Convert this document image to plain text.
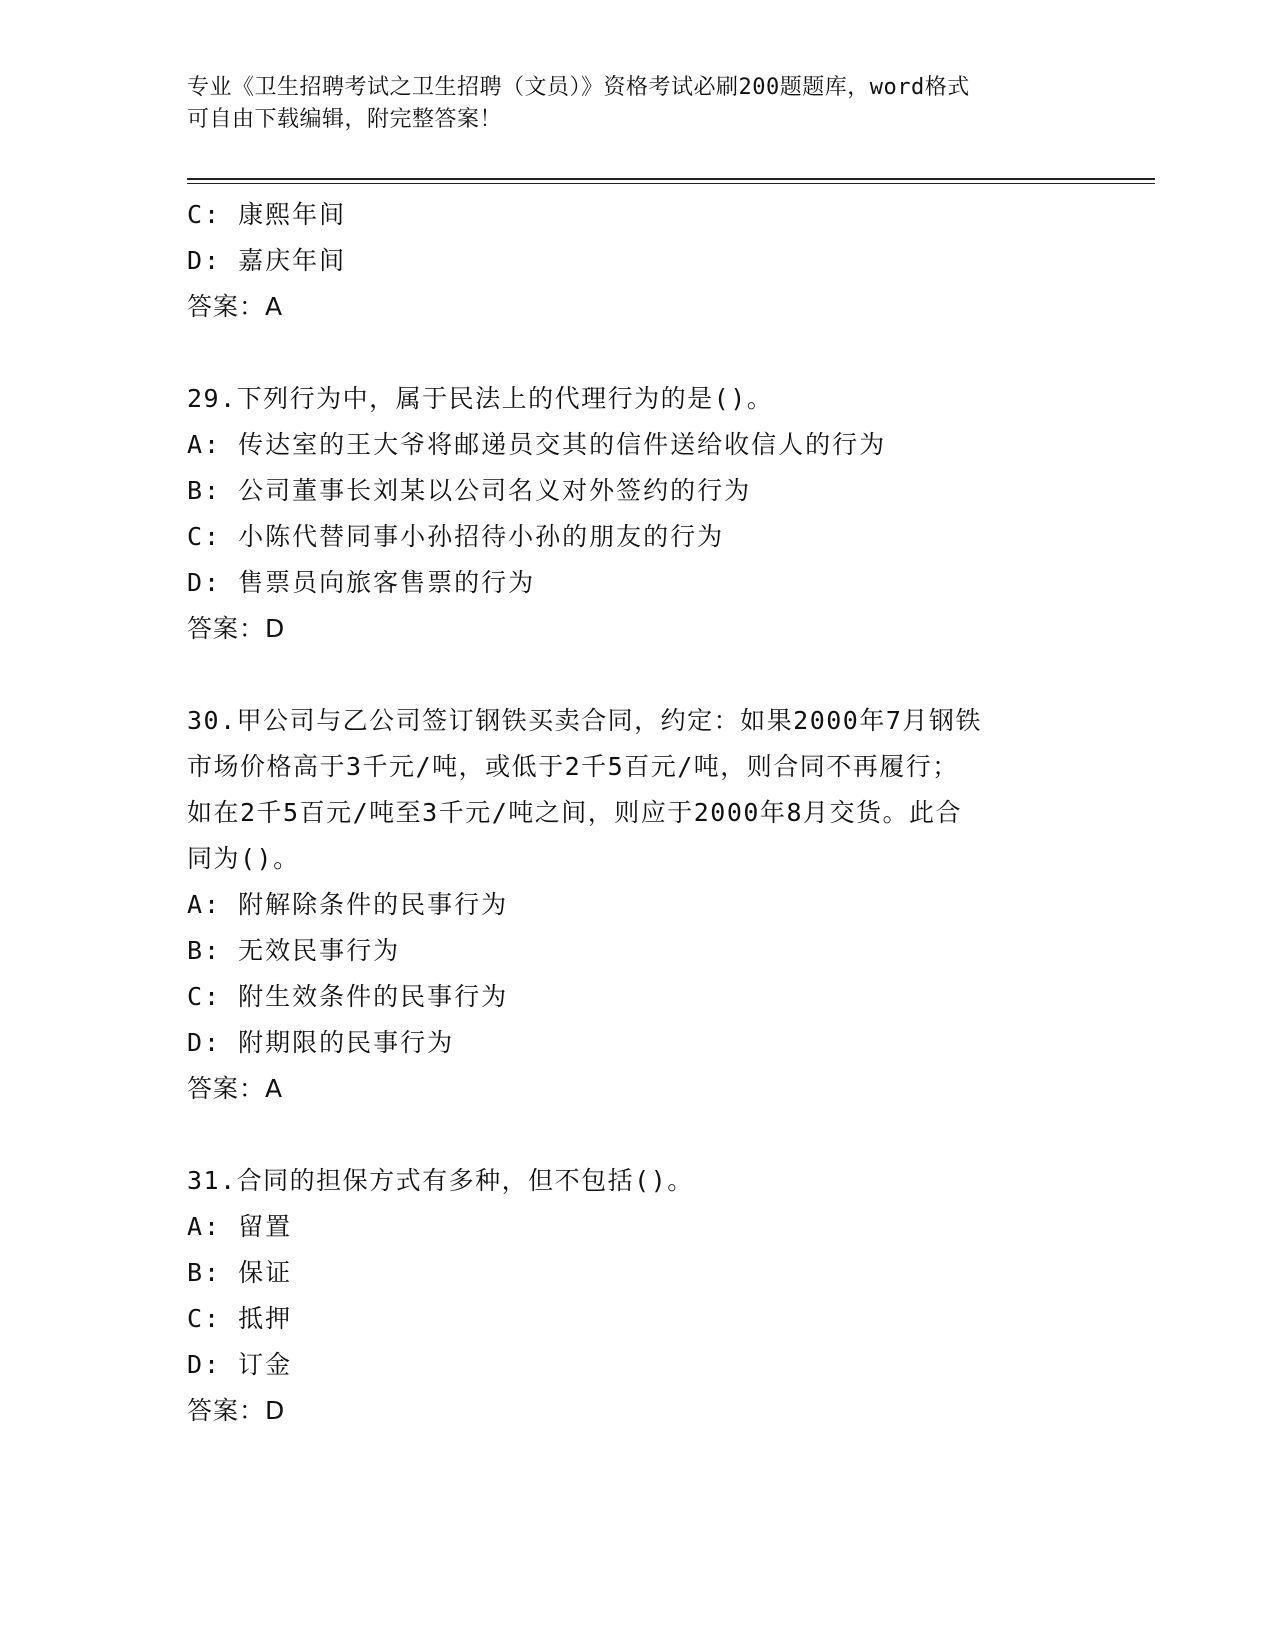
专业《卫生招聘考试之卫生招聘（文员）》资格考试必刷200题题库，word格式
可自由下载编辑，附完整答案！
C: 康熙年间
D: 嘉庆年间
答案：A
29.下列行为中，属于民法上的代理行为的是()。
A: 传达室的王大爷将邮递员交其的信件送给收信人的行为
B: 公司董事长刘某以公司名义对外签约的行为
C: 小陈代替同事小孙招待小孙的朋友的行为
D: 售票员向旅客售票的行为
答案：D
30.甲公司与乙公司签订钢铁买卖合同，约定：如果2000年7月钢铁
市场价格高于3千元/吨，或低于2千5百元/吨，则合同不再履行；
如在2千5百元/吨至3千元/吨之间，则应于2000年8月交货。此合
同为()。
A: 附解除条件的民事行为
B: 无效民事行为
C: 附生效条件的民事行为
D: 附期限的民事行为
答案：A
31.合同的担保方式有多种，但不包括()。
A: 留置
B: 保证
C: 抵押
D: 订金
答案：D
